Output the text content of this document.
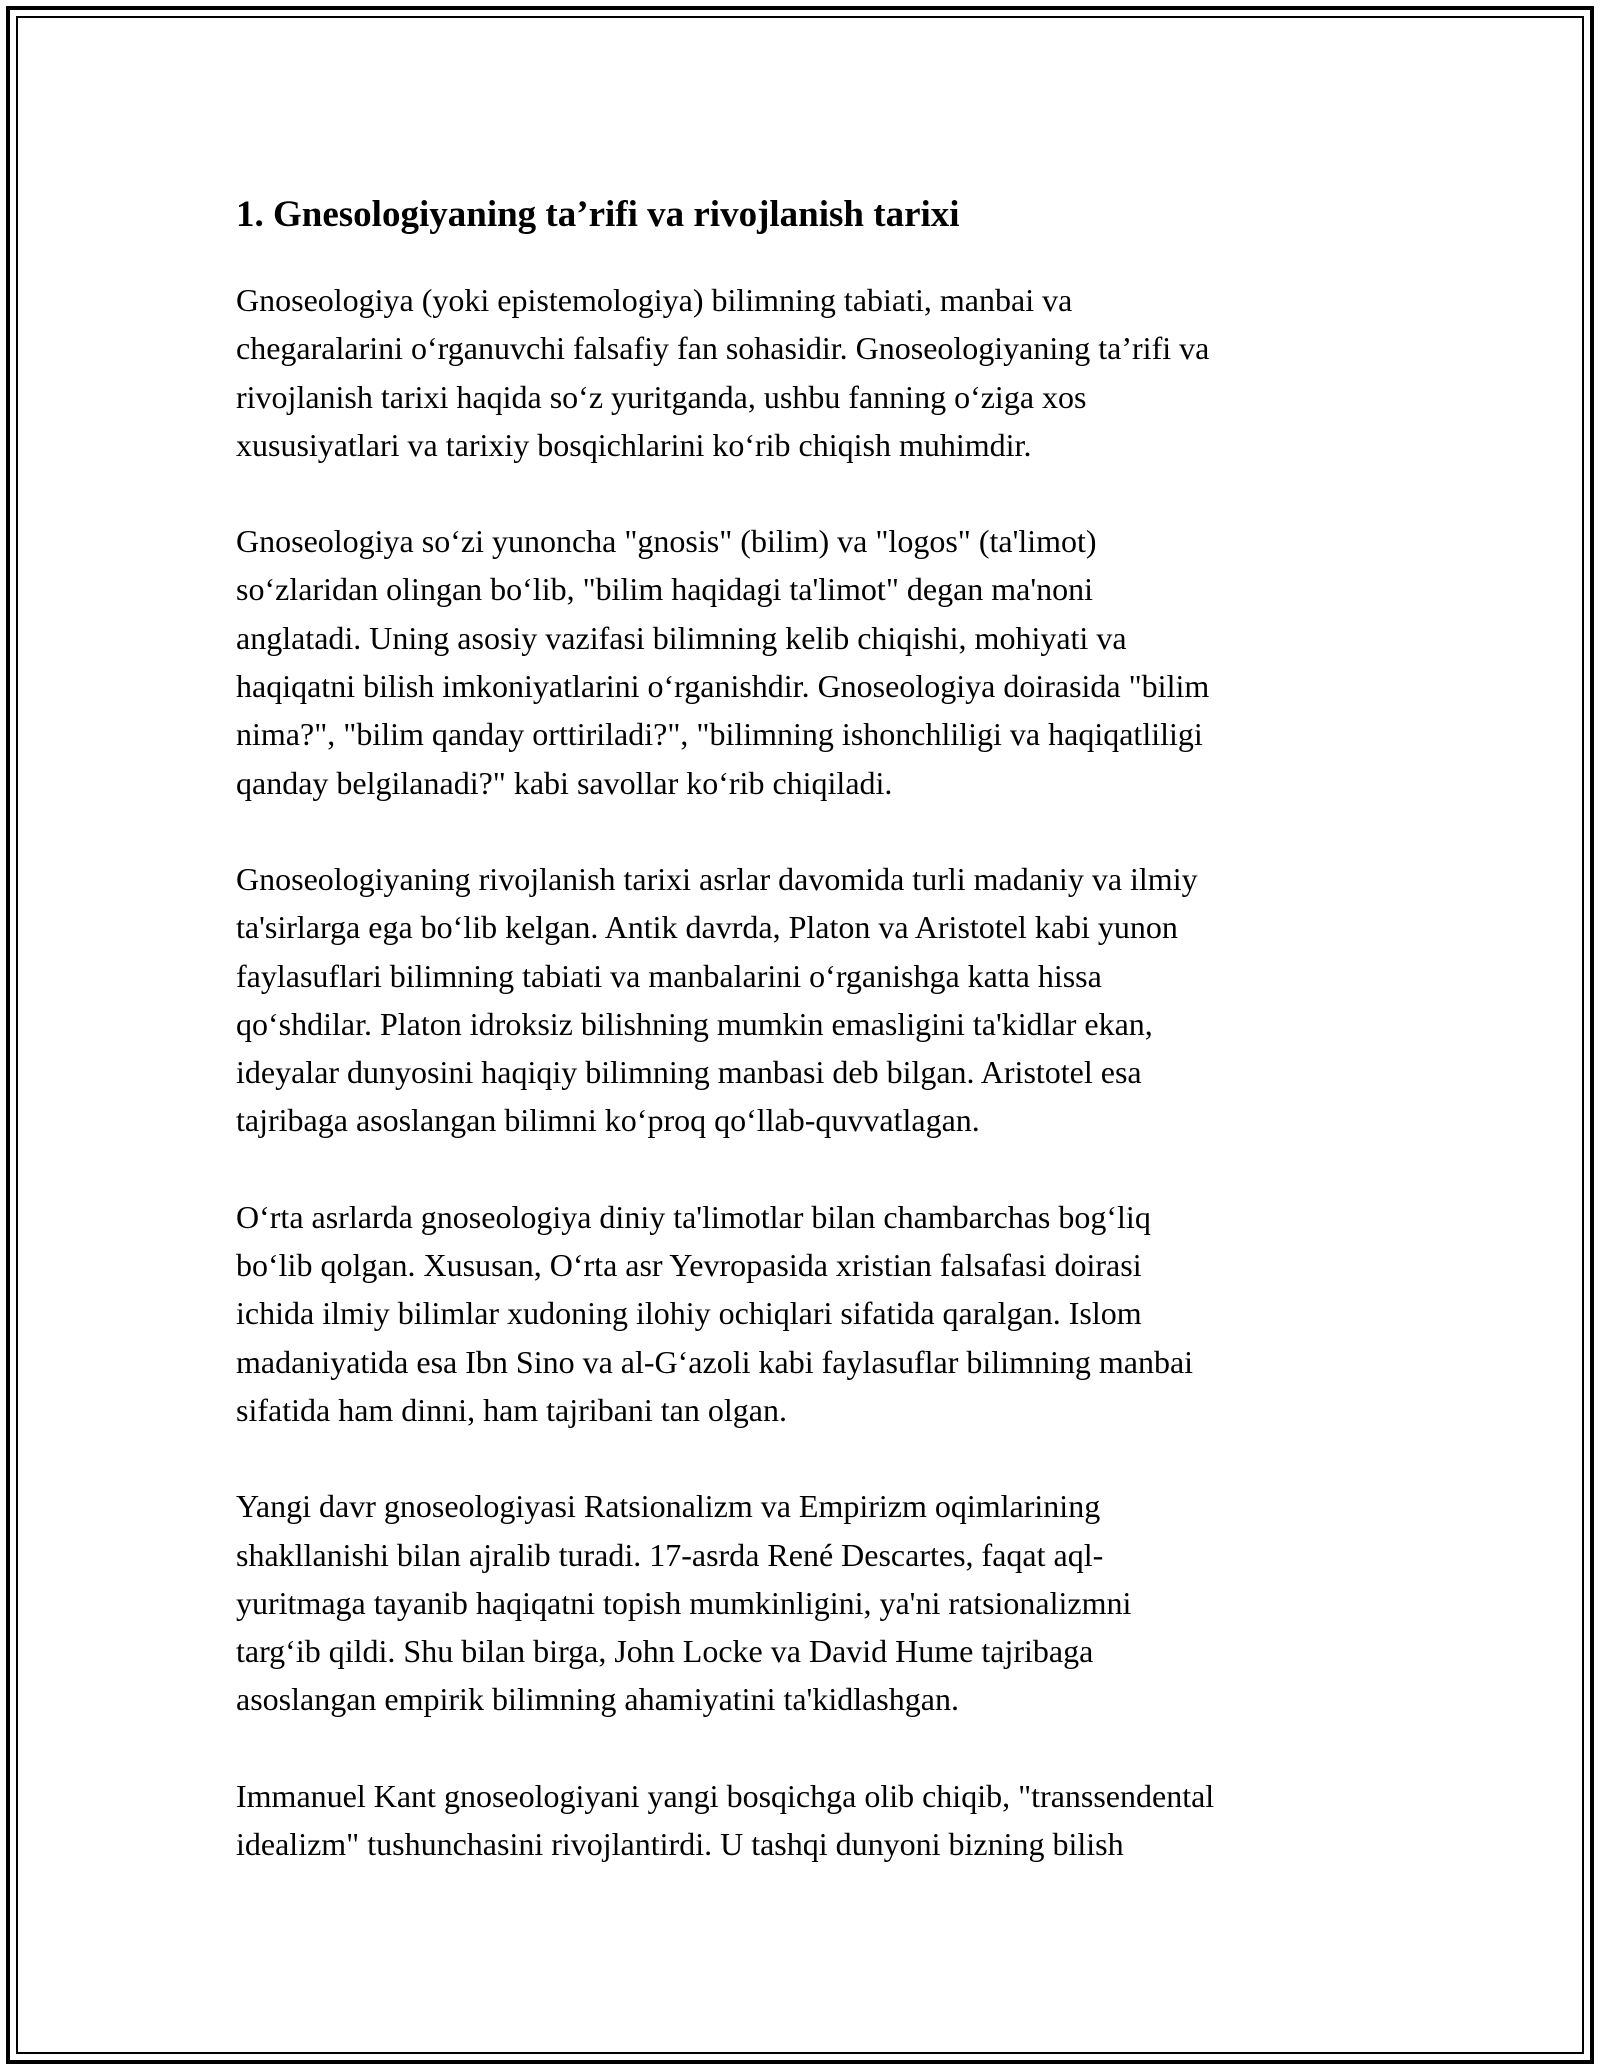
1. Gnesologiyaning ta’rifi va rivojlanish tarixi
Gnoseologiya (yoki epistemologiya) bilimning tabiati, manbai va
chegaralarini oʻrganuvchi falsafiy fan sohasidir. Gnoseologiyaning ta’rifi va
rivojlanish tarixi haqida soʻz yuritganda, ushbu fanning oʻziga xos
xususiyatlari va tarixiy bosqichlarini koʻrib chiqish muhimdir.
Gnoseologiya soʻzi yunoncha "gnosis" (bilim) va "logos" (ta'limot)
soʻzlaridan olingan boʻlib, "bilim haqidagi ta'limot" degan ma'noni
anglatadi. Uning asosiy vazifasi bilimning kelib chiqishi, mohiyati va
haqiqatni bilish imkoniyatlarini oʻrganishdir. Gnoseologiya doirasida "bilim
nima?", "bilim qanday orttiriladi?", "bilimning ishonchliligi va haqiqatliligi
qanday belgilanadi?" kabi savollar koʻrib chiqiladi.
Gnoseologiyaning rivojlanish tarixi asrlar davomida turli madaniy va ilmiy
ta'sirlarga ega boʻlib kelgan. Antik davrda, Platon va Aristotel kabi yunon
faylasuflari bilimning tabiati va manbalarini oʻrganishga katta hissa
qoʻshdilar. Platon idroksiz bilishning mumkin emasligini ta'kidlar ekan,
ideyalar dunyosini haqiqiy bilimning manbasi deb bilgan. Aristotel esa
tajribaga asoslangan bilimni koʻproq qoʻllab-quvvatlagan.
Oʻrta asrlarda gnoseologiya diniy ta'limotlar bilan chambarchas bogʻliq
boʻlib qolgan. Xususan, Oʻrta asr Yevropasida xristian falsafasi doirasi
ichida ilmiy bilimlar xudoning ilohiy ochiqlari sifatida qaralgan. Islom
madaniyatida esa Ibn Sino va al-Gʻazoli kabi faylasuflar bilimning manbai
sifatida ham dinni, ham tajribani tan olgan.
Yangi davr gnoseologiyasi Ratsionalizm va Empirizm oqimlarining
shakllanishi bilan ajralib turadi. 17-asrda René Descartes, faqat aql-
yuritmaga tayanib haqiqatni topish mumkinligini, ya'ni ratsionalizmni
targʻib qildi. Shu bilan birga, John Locke va David Hume tajribaga
asoslangan empirik bilimning ahamiyatini ta'kidlashgan.
Immanuel Kant gnoseologiyani yangi bosqichga olib chiqib, "transsendental
idealizm" tushunchasini rivojlantirdi. U tashqi dunyoni bizning bilish
